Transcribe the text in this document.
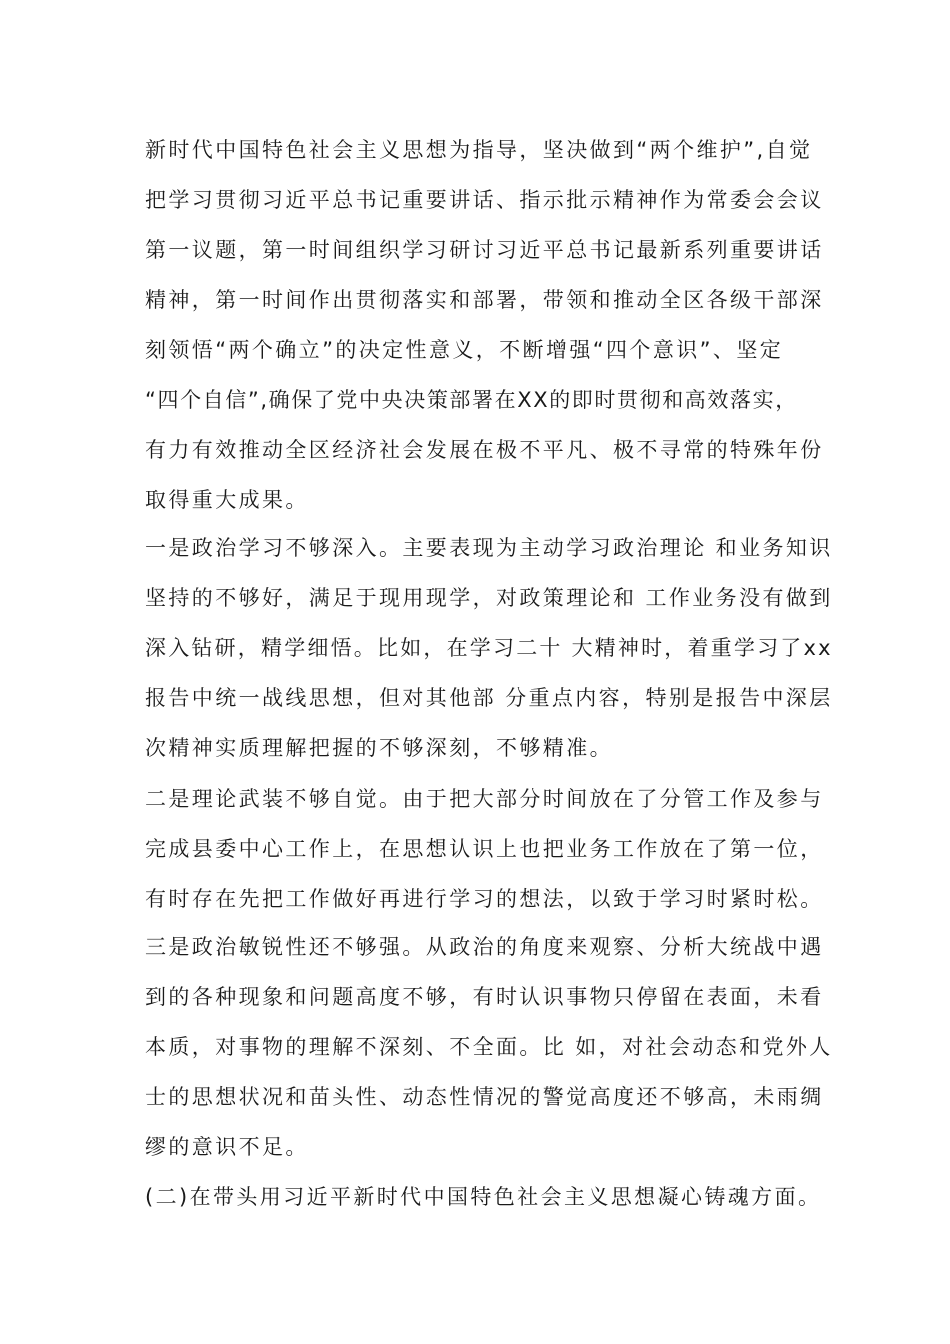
新时代中国特色社会主义思想为指导，坚决做到“两个维护”,自觉
把学习贯彻习近平总书记重要讲话、指示批示精神作为常委会会议
第一议题，第一时间组织学习研讨习近平总书记最新系列重要讲话
精神，第一时间作出贯彻落实和部署，带领和推动全区各级干部深
刻领悟“两个确立”的决定性意义，不断增强“四个意识”、坚定
“四个自信”,确保了党中央决策部署在XX的即时贯彻和高效落实，
有力有效推动全区经济社会发展在极不平凡、极不寻常的特殊年份
取得重大成果。
一是政治学习不够深入。主要表现为主动学习政治理论 和业务知识
坚持的不够好，满足于现用现学，对政策理论和 工作业务没有做到
深入钻研，精学细悟。比如，在学习二十 大精神时，着重学习了xx
报告中统一战线思想，但对其他部 分重点内容，特别是报告中深层
次精神实质理解把握的不够深刻，不够精准。
二是理论武装不够自觉。由于把大部分时间放在了分管工作及参与
完成县委中心工作上，在思想认识上也把业务工作放在了第一位，
有时存在先把工作做好再进行学习的想法，以致于学习时紧时松。
三是政治敏锐性还不够强。从政治的角度来观察、分析大统战中遇
到的各种现象和问题高度不够，有时认识事物只停留在表面，未看
本质，对事物的理解不深刻、不全面。比 如，对社会动态和党外人
士的思想状况和苗头性、动态性情况的警觉高度还不够高，未雨绸
缪的意识不足。
(二)在带头用习近平新时代中国特色社会主义思想凝心铸魂方面。
